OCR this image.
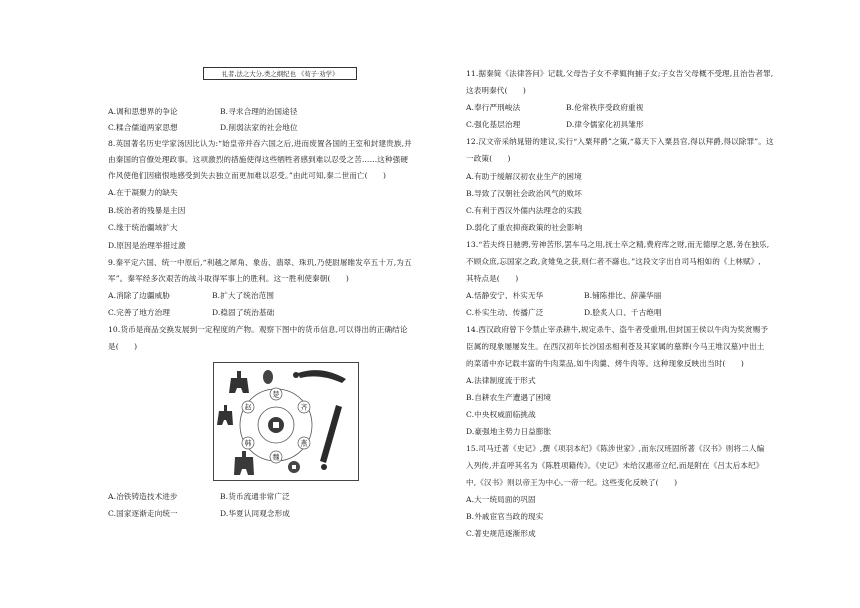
礼者,法之大分,类之纲纪也 《荀子·劝学》
A.调和思想界的争论	B.寻求合理的治国途径
C.糅合儒道两家思想	D.削弱法家的社会地位
8.英国著名历史学家汤因比认为:“始皇帝并吞六国之后,进而废置各国的王室和封建贵族,并
由秦国的官僚处理政事。这项激烈的措施使得这些牺牲者感到难以忍受之苦……这种强硬
作风使他们因痛恨地感受到失去独立而更加难以忍受。”由此可知,秦二世而亡(　　)
A.在于凝聚力的缺失
B.统治者的残暴是主因
C.缘于统治疆域扩大
D.原因是治理举措过激
9.秦平定六国、统一中原后,“利越之犀角、象齿、翡翠、珠玑,乃使尉屠睢发卒五十万,为五
军”。秦军经多次艰苦的战斗取得军事上的胜利。这一胜利使秦朝(　　)
A.消除了边疆威胁	B.扩大了统治范围
C.完善了地方治理	D.稳固了统治基础
10.货币是商品交换发展到一定程度的产物。观察下图中的货币信息,可以得出的正确结论
是(　　)
楚
齐
燕
魏
韩
赵
A.冶铁铸造技术进步	B.货币流通非常广泛
C.国家逐渐走向统一	D.华夏认同观念形成
11.据秦简《法律答问》记载,父母告子女不孝辄拘捕子女;子女告父母概不受理,且治告者罪,
这表明秦代(　　)
A.奉行严刑峻法	B.伦常秩序受政府重视
C.强化基层治理	D.律令儒家化初具雏形
12.汉文帝采纳晁错的建议,实行“入粟拜爵”之策,“募天下入粟县官,得以拜爵,得以除罪”。这
一政策(　　)
A.有助于缓解汉初农业生产的困境
B.导致了汉朝社会政治风气的败坏
C.有利于西汉外儒内法理念的实践
D.弱化了重农抑商政策的社会影响
13.“若夫终日驰骋,劳神苦形,罢车马之用,抚士卒之精,费府库之财,而无德厚之恩,务在独乐,
不顾众庶,忘国家之政,贪雉兔之获,则仁者不繇也。”这段文字出自司马相如的《上林赋》,
其特点是(　　)
A.恬静安宁、朴实无华	B.铺陈排比、辞藻华丽
C.朴实生动、传播广泛	D.脍炙人口、千古绝唱
14.西汉政府曾下令禁止宰杀耕牛,规定杀牛、盗牛者受重刑,但封国王侯以牛肉为奖赏赐予
臣属的现象屡屡发生。在西汉初年长沙国丞相利苍及其家属的墓葬(今马王堆汉墓)中出土
的菜谱中亦记载丰富的牛肉菜品,如牛肉羹、烤牛肉等。这种现象反映出当时(　　)
A.法律制度流于形式
B.自耕农生产遭遇了困境
C.中央权威面临挑战
D.豪强地主势力日益膨胀
15.司马迁著《史记》,撰《项羽本纪》《陈涉世家》,而东汉班固所著《汉书》则将二人编
入列传,并直呼其名为《陈胜项籍传》。《史记》未给汉惠帝立纪,而是附在《吕太后本纪》
中,《汉书》则以帝王为中心,一帝一纪。这些变化反映了(　　)
A.大一统局面的巩固
B.外戚宦官当政的现实
C.著史规范逐渐形成
